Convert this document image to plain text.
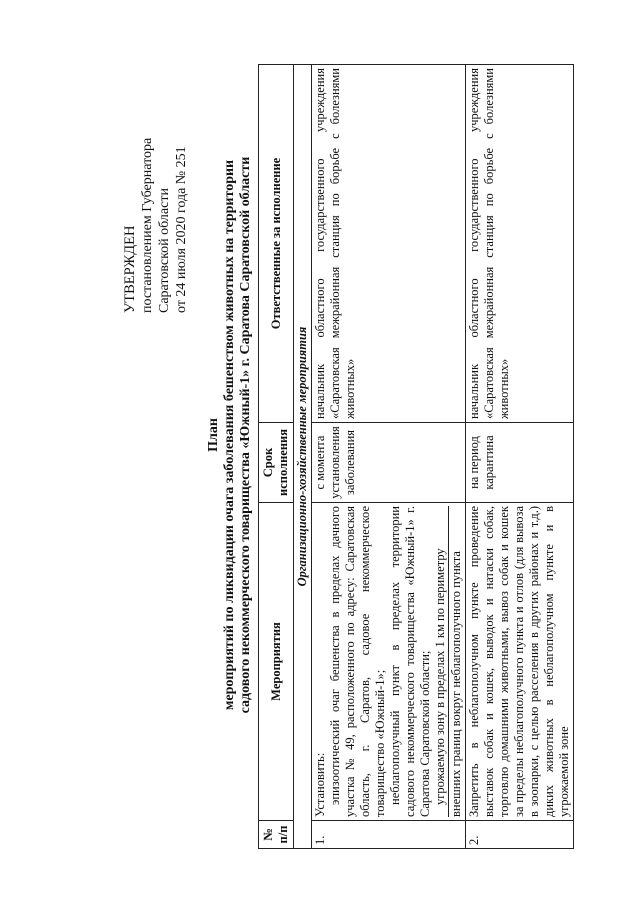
УТВЕРЖДЕН постановлением Губернатора Саратовской области от 24 июля 2020 года № 251
План мероприятий по ликвидации очага заболевания бешенством животных на территории садового некоммерческого товарищества «Южный-1» г. Саратова Саратовской области
№ п/п	Мероприятия	Срок исполнения	Ответственные за исполнение
Организационно-хозяйственные мероприятия			
1.	Установить: эпизоотический очаг бешенства в пределах дачного участка № 49, расположенного по адресу: Саратовская область, г. Саратов, садовое некоммерческое товарищество «Южный-1»; неблагополучный пункт в пределах территории садового некоммерческого товарищества «Южный-1» г. Саратова Саратовской области; угрожаемую зону в пределах 1 км по периметру внешних границ вокруг неблагополучного пункта	с момента установления заболевания	начальник областного государственного учреждения «Саратовская межрайонная станция по борьбе с болезнями животных»
2.	Запретить в неблагополучном пункте проведение выставок собак и кошек, выводок и натаски собак, торговлю домашними животными, вывоз собак и кошек за пределы неблагополучного пункта и отлов (для вывоза в зоопарки, с целью расселения в других районах и т.д.) диких животных в неблагополучном пункте и в угрожаемой зоне	на период карантина	начальник областного государственного учреждения «Саратовская межрайонная станция по борьбе с болезнями животных»
